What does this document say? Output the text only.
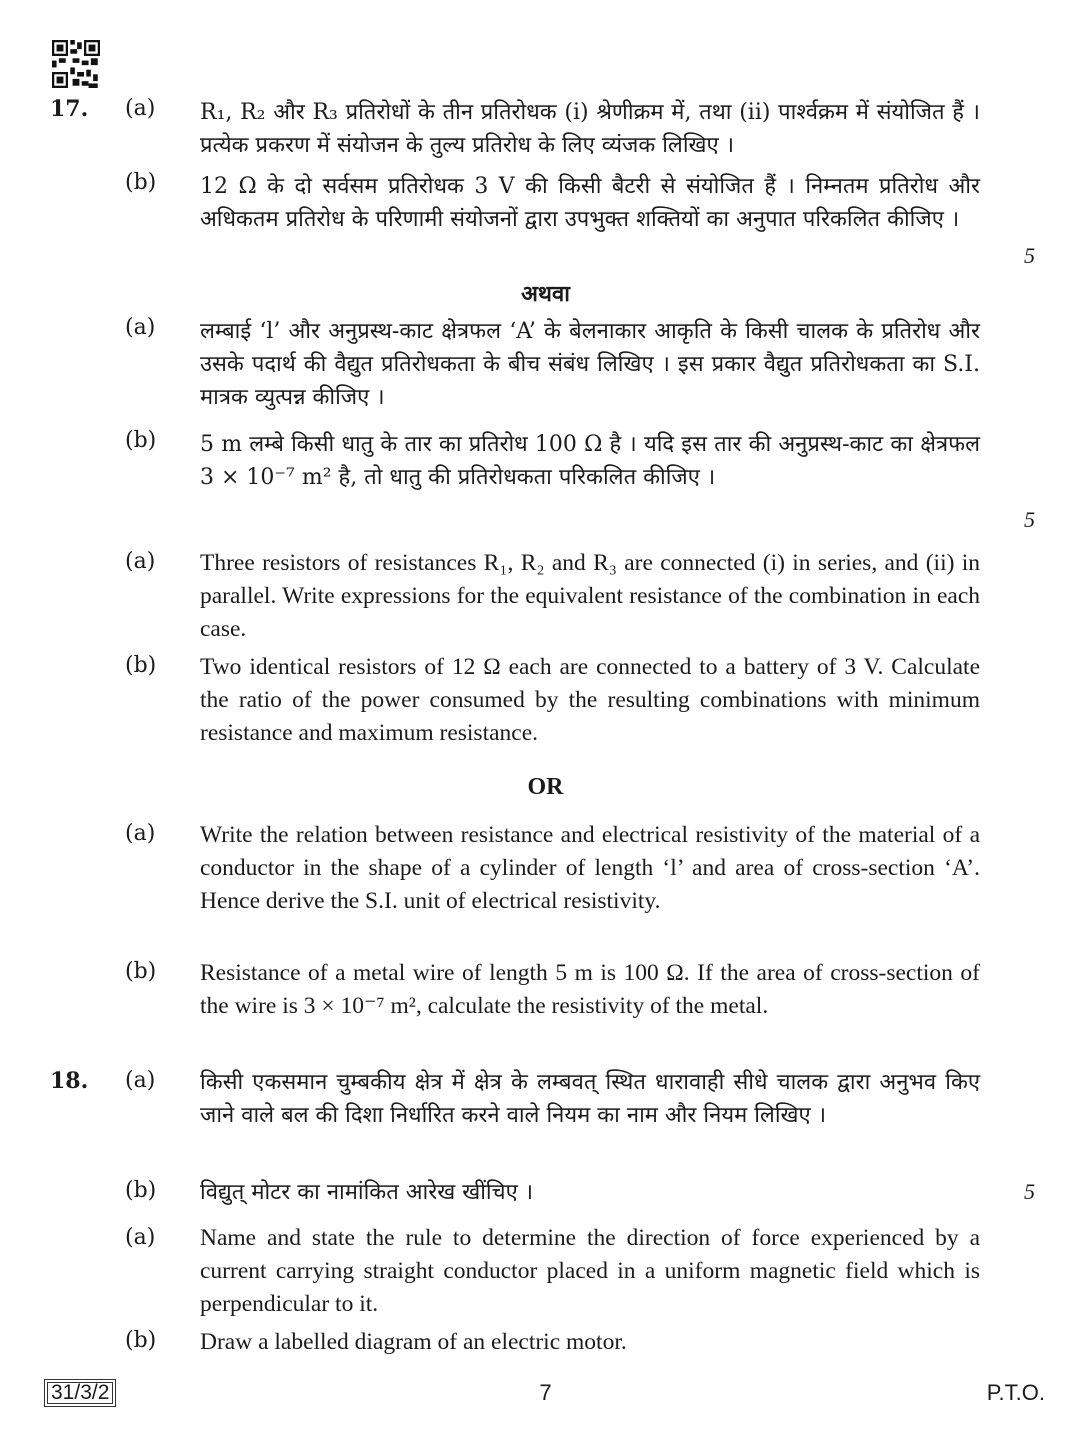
17. (a) R₁, R₂ और R₃ प्रतिरोधों के तीन प्रतिरोधक (i) श्रेणीक्रम में, तथा (ii) पार्श्वक्रम में संयोजित हैं । प्रत्येक प्रकरण में संयोजन के तुल्य प्रतिरोध के लिए व्यंजक लिखिए ।
(b) 12 Ω के दो सर्वसम प्रतिरोधक 3 V की किसी बैटरी से संयोजित हैं । निम्नतम प्रतिरोध और अधिकतम प्रतिरोध के परिणामी संयोजनों द्वारा उपभुक्त शक्तियों का अनुपात परिकलित कीजिए ।
5
अथवा
(a) लम्बाई ‘l’ और अनुप्रस्थ-काट क्षेत्रफल ‘A’ के बेलनाकार आकृति के किसी चालक के प्रतिरोध और उसके पदार्थ की वैद्युत प्रतिरोधकता के बीच संबंध लिखिए । इस प्रकार वैद्युत प्रतिरोधकता का S.I. मात्रक व्युत्पन्न कीजिए ।
(b) 5 m लम्बे किसी धातु के तार का प्रतिरोध 100 Ω है । यदि इस तार की अनुप्रस्थ-काट का क्षेत्रफल 3 × 10⁻⁷ m² है, तो धातु की प्रतिरोधकता परिकलित कीजिए ।
5
(a) Three resistors of resistances R₁, R₂ and R₃ are connected (i) in series, and (ii) in parallel. Write expressions for the equivalent resistance of the combination in each case.
(b) Two identical resistors of 12 Ω each are connected to a battery of 3 V. Calculate the ratio of the power consumed by the resulting combinations with minimum resistance and maximum resistance.
OR
(a) Write the relation between resistance and electrical resistivity of the material of a conductor in the shape of a cylinder of length ‘l’ and area of cross-section ‘A’. Hence derive the S.I. unit of electrical resistivity.
(b) Resistance of a metal wire of length 5 m is 100 Ω. If the area of cross-section of the wire is 3 × 10⁻⁷ m², calculate the resistivity of the metal.
18. (a) किसी एकसमान चुम्बकीय क्षेत्र में क्षेत्र के लम्बवत् स्थित धारावाही सीधे चालक द्वारा अनुभव किए जाने वाले बल की दिशा निर्धारित करने वाले नियम का नाम और नियम लिखिए ।
(b) विद्युत् मोटर का नामांकित आरेख खींचिए ।	5
(a) Name and state the rule to determine the direction of force experienced by a current carrying straight conductor placed in a uniform magnetic field which is perpendicular to it.
(b) Draw a labelled diagram of an electric motor.
31/3/2	7	P.T.O.
